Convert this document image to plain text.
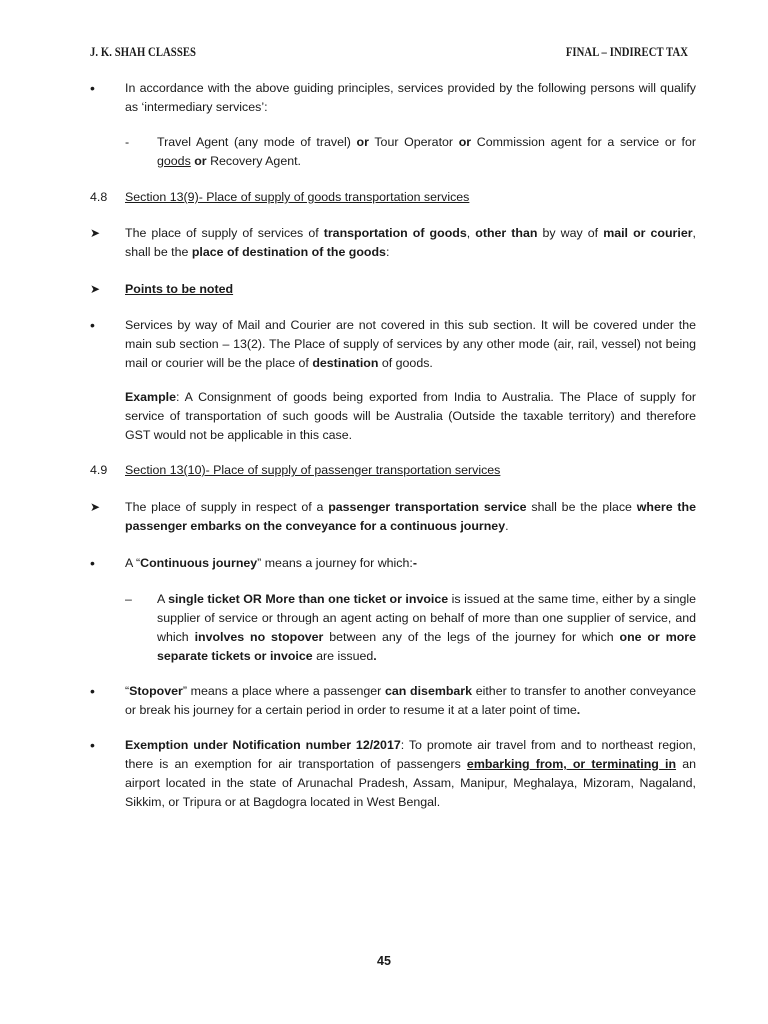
J. K. SHAH CLASSES	FINAL – INDIRECT TAX
•	In accordance with the above guiding principles, services provided by the following persons will qualify as ‘intermediary services’:
-	Travel Agent (any mode of travel) or Tour Operator or Commission agent for a service or for goods or Recovery Agent.
4.8	Section 13(9)- Place of supply of goods transportation services
➤	The place of supply of services of transportation of goods, other than by way of mail or courier, shall be the place of destination of the goods:
➤	Points to be noted
•	Services by way of Mail and Courier are not covered in this sub section. It will be covered under the main sub section – 13(2). The Place of supply of services by any other mode (air, rail, vessel) not being mail or courier will be the place of destination of goods.
Example: A Consignment of goods being exported from India to Australia. The Place of supply for service of transportation of such goods will be Australia (Outside the taxable territory) and therefore GST would not be applicable in this case.
4.9	Section 13(10)- Place of supply of passenger transportation services
➤	The place of supply in respect of a passenger transportation service shall be the place where the passenger embarks on the conveyance for a continuous journey.
•	A “Continuous journey” means a journey for which:-
–	A single ticket OR More than one ticket or invoice is issued at the same time, either by a single supplier of service or through an agent acting on behalf of more than one supplier of service, and which involves no stopover between any of the legs of the journey for which one or more separate tickets or invoice are issued.
•	“Stopover” means a place where a passenger can disembark either to transfer to another conveyance or break his journey for a certain period in order to resume it at a later point of time.
•	Exemption under Notification number 12/2017: To promote air travel from and to northeast region, there is an exemption for air transportation of passengers embarking from, or terminating in an airport located in the state of Arunachal Pradesh, Assam, Manipur, Meghalaya, Mizoram, Nagaland, Sikkim, or Tripura or at Bagdogra located in West Bengal.
45
